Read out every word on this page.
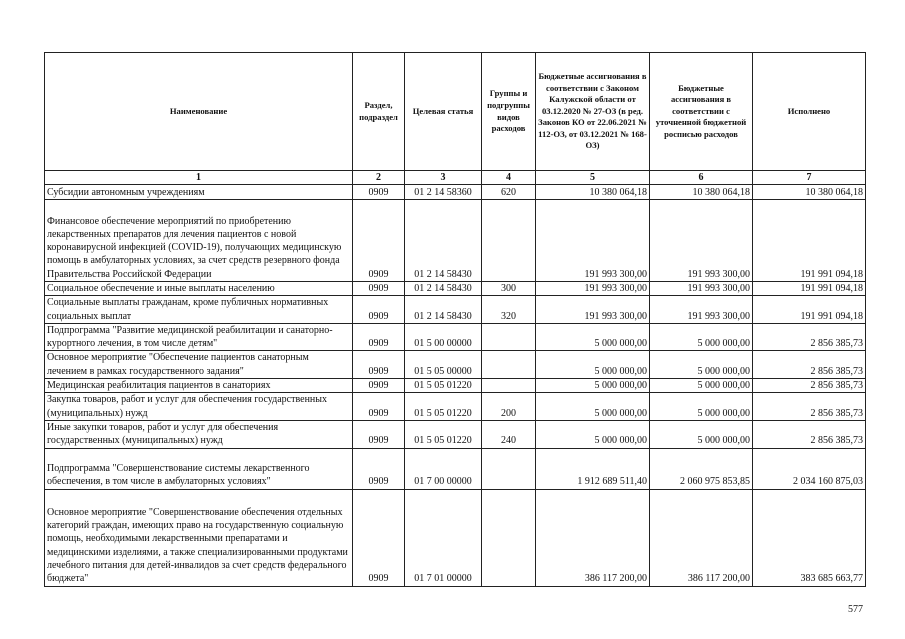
Наименование	Раздел, подраздел	Целевая статья	Группы и подгруппы видов расходов	Бюджетные ассигнования в соответствии с Законом Калужской области от 03.12.2020 № 27-ОЗ (в ред. Законов КО от 22.06.2021 № 112-ОЗ, от 03.12.2021 № 168-ОЗ)	Бюджетные ассигнования в соответствии с уточненной бюджетной росписью расходов	Исполнено
1	2	3	4	5	6	7
Субсидии автономным учреждениям	0909	01 2 14 58360	620	10 380 064,18	10 380 064,18	10 380 064,18
Финансовое обеспечение мероприятий по приобретению лекарственных препаратов для лечения пациентов с новой коронавирусной инфекцией (COVID-19), получающих медицинскую помощь в амбулаторных условиях, за счет средств резервного фонда Правительства Российской Федерации	0909	01 2 14 58430		191 993 300,00	191 993 300,00	191 991 094,18
Социальное обеспечение и иные выплаты населению	0909	01 2 14 58430	300	191 993 300,00	191 993 300,00	191 991 094,18
Социальные выплаты гражданам, кроме публичных нормативных социальных выплат	0909	01 2 14 58430	320	191 993 300,00	191 993 300,00	191 991 094,18
Подпрограмма "Развитие медицинской реабилитации и санаторно-курортного лечения, в том числе детям"	0909	01 5 00 00000		5 000 000,00	5 000 000,00	2 856 385,73
Основное мероприятие "Обеспечение пациентов санаторным лечением в рамках государственного задания"	0909	01 5 05 00000		5 000 000,00	5 000 000,00	2 856 385,73
Медицинская реабилитация пациентов в санаториях	0909	01 5 05 01220		5 000 000,00	5 000 000,00	2 856 385,73
Закупка товаров, работ и услуг для обеспечения государственных (муниципальных) нужд	0909	01 5 05 01220	200	5 000 000,00	5 000 000,00	2 856 385,73
Иные закупки товаров, работ и услуг для обеспечения государственных (муниципальных) нужд	0909	01 5 05 01220	240	5 000 000,00	5 000 000,00	2 856 385,73
Подпрограмма "Совершенствование системы лекарственного обеспечения, в том числе в амбулаторных условиях"	0909	01 7 00 00000		1 912 689 511,40	2 060 975 853,85	2 034 160 875,03
Основное мероприятие "Совершенствование обеспечения отдельных категорий граждан, имеющих право на государственную социальную помощь, необходимыми лекарственными препаратами и медицинскими изделиями, а также специализированными продуктами лечебного питания для детей-инвалидов за счет средств федерального бюджета"	0909	01 7 01 00000		386 117 200,00	386 117 200,00	383 685 663,77
577
